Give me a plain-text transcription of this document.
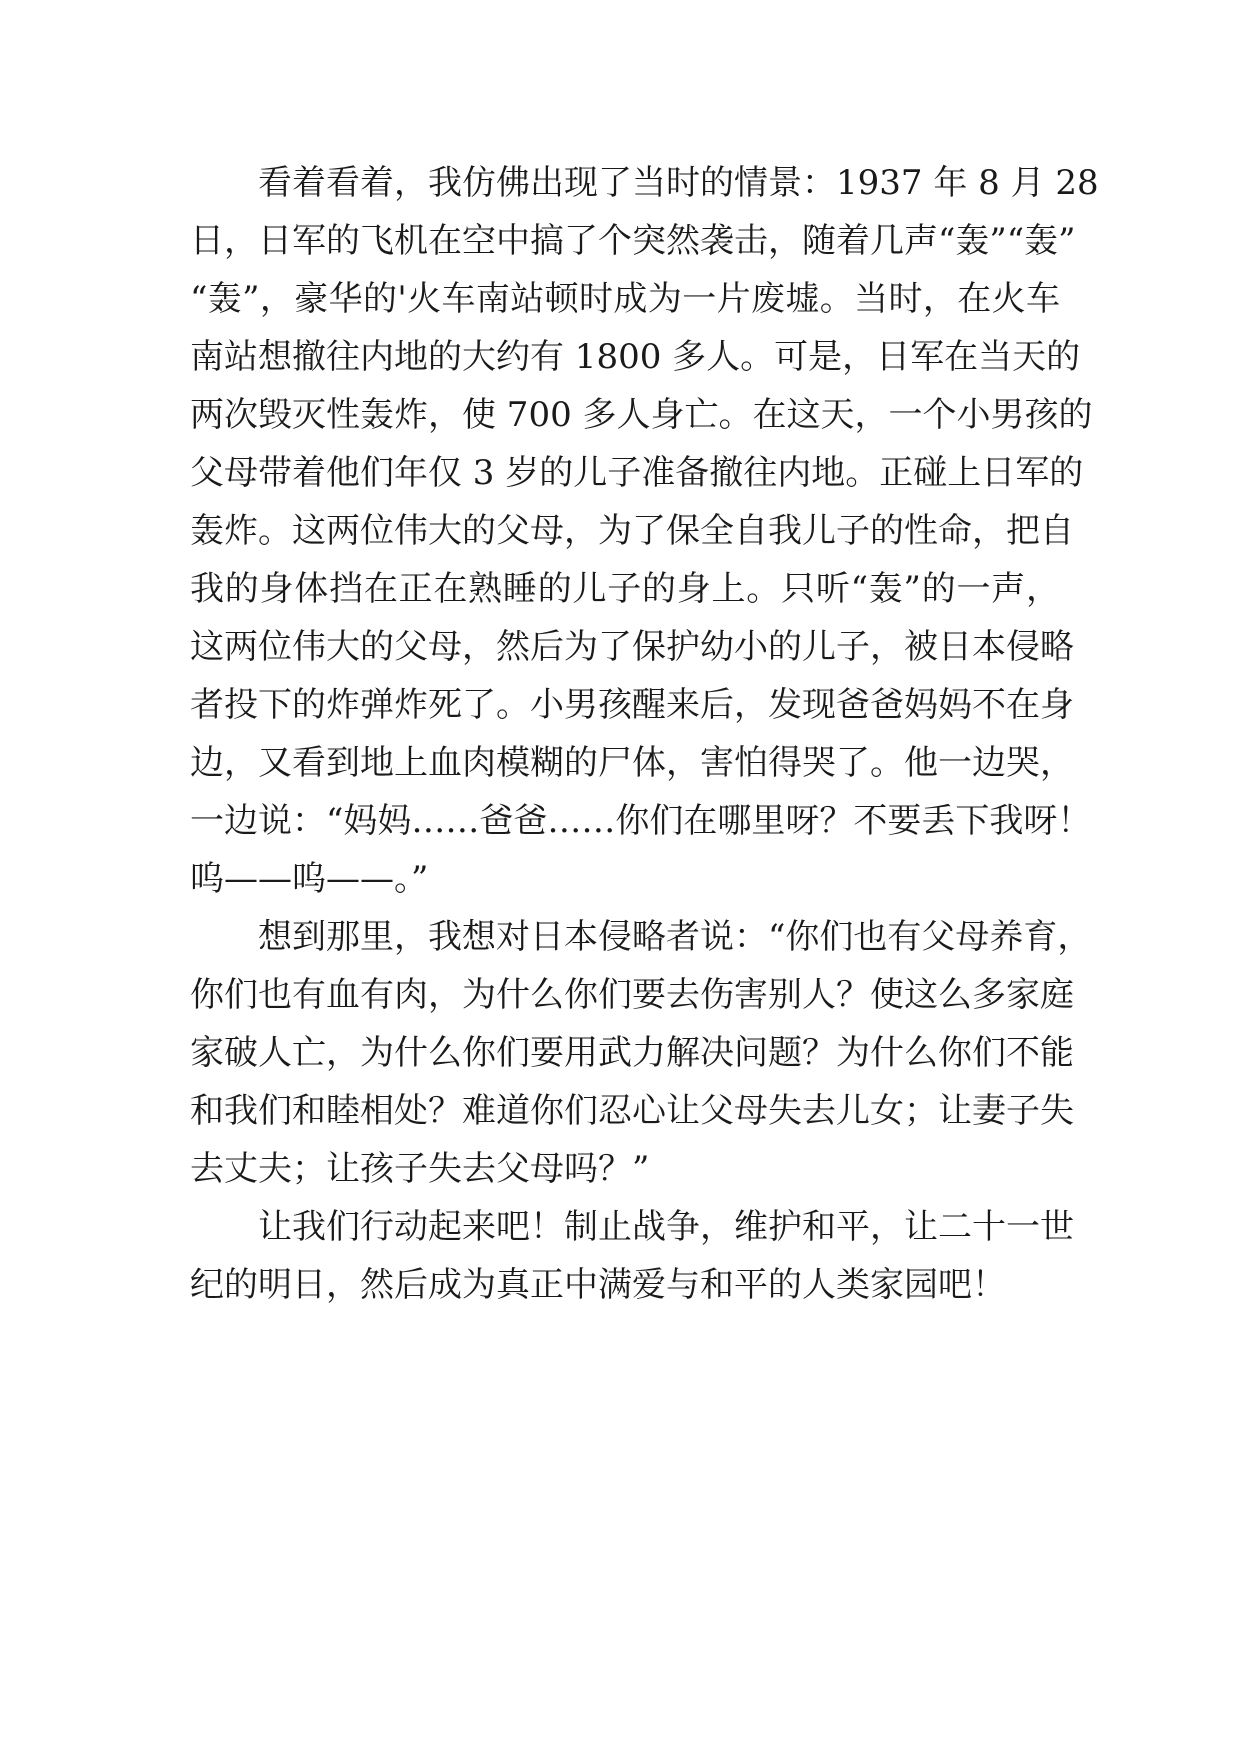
看着看着，我仿佛出现了当时的情景：1937 年 8 月 28
日，日军的飞机在空中搞了个突然袭击，随着几声“轰”“轰”
“轰”，豪华的'火车南站顿时成为一片废墟。当时，在火车
南站想撤往内地的大约有 1800 多人。可是，日军在当天的
两次毁灭性轰炸，使 700 多人身亡。在这天，一个小男孩的
父母带着他们年仅 3 岁的儿子准备撤往内地。正碰上日军的
轰炸。这两位伟大的父母，为了保全自我儿子的性命，把自
我的身体挡在正在熟睡的儿子的身上。只听“轰”的一声，
这两位伟大的父母，然后为了保护幼小的儿子，被日本侵略
者投下的炸弹炸死了。小男孩醒来后，发现爸爸妈妈不在身
边，又看到地上血肉模糊的尸体，害怕得哭了。他一边哭，
一边说：“妈妈……爸爸……你们在哪里呀？不要丢下我呀！
呜——呜——。”
想到那里，我想对日本侵略者说：“你们也有父母养育，
你们也有血有肉，为什么你们要去伤害别人？使这么多家庭
家破人亡，为什么你们要用武力解决问题？为什么你们不能
和我们和睦相处？难道你们忍心让父母失去儿女；让妻子失
去丈夫；让孩子失去父母吗？”
让我们行动起来吧！制止战争，维护和平，让二十一世
纪的明日，然后成为真正中满爱与和平的人类家园吧！
